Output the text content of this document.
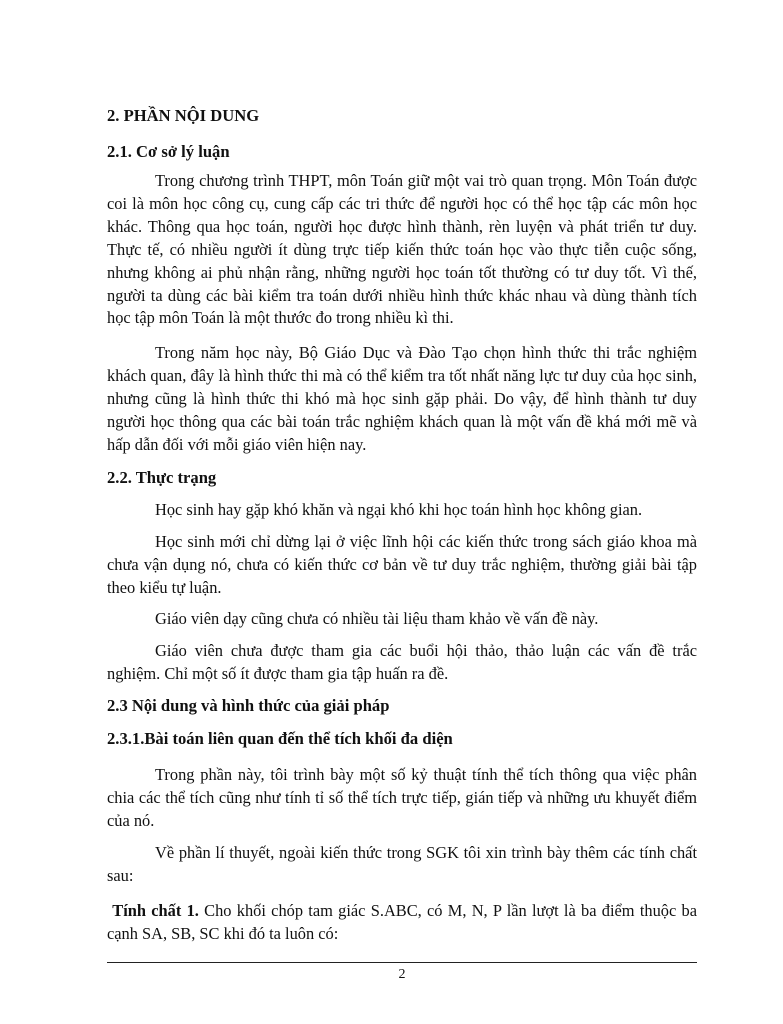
2. PHẦN NỘI DUNG
2.1. Cơ sở lý luận

Trong chương trình THPT, môn Toán giữ một vai trò quan trọng. Môn Toán được coi là môn học công cụ, cung cấp các tri thức để người học có thể học tập các môn học khác. Thông qua học toán, người học được hình thành, rèn luyện và phát triển tư duy. Thực tế, có nhiều người ít dùng trực tiếp kiến thức toán học vào thực tiễn cuộc sống, nhưng không ai phủ nhận rằng, những người học toán tốt thường có tư duy tốt. Vì thế, người ta dùng các bài kiểm tra toán dưới nhiều hình thức khác nhau và dùng thành tích học tập môn Toán là một thước đo trong nhiều kì thi.

Trong năm học này, Bộ Giáo Dục và Đào Tạo chọn hình thức thi trắc nghiệm khách quan, đây là hình thức thi mà có thể kiểm tra tốt nhất năng lực tư duy của học sinh, nhưng cũng là hình thức thi khó mà học sinh gặp phải. Do vậy, để hình thành tư duy người học thông qua các bài toán trắc nghiệm khách quan là một vấn đề khá mới mẽ và hấp dẫn đối với mỗi giáo viên hiện nay.

2.2. Thực trạng

Học sinh hay gặp khó khăn và ngại khó khi học toán hình học không gian.

Học sinh mới chỉ dừng lại ở việc lĩnh hội các kiến thức trong sách giáo khoa mà chưa vận dụng nó, chưa có kiến thức cơ bản về tư duy trắc nghiệm, thường giải bài tập theo kiểu tự luận.

Giáo viên dạy cũng chưa có nhiều tài liệu tham khảo về vấn đề này.

Giáo viên chưa được tham gia các buổi hội thảo, thảo luận các vấn đề trắc nghiệm. Chỉ một số ít được tham gia tập huấn ra đề.

2.3 Nội dung và hình thức của giải pháp
2.3.1.Bài toán liên quan đến thể tích khối đa diện

Trong phần này, tôi trình bày một số kỷ thuật tính thể tích thông qua việc phân chia các thể tích cũng như tính tỉ số thể tích trực tiếp, gián tiếp và những ưu khuyết điểm của nó.

Về phần lí thuyết, ngoài kiến thức trong SGK tôi xin trình bày thêm các tính chất sau:

Tính chất 1. Cho khối chóp tam giác S.ABC, có M, N, P lần lượt là ba điểm thuộc ba cạnh SA, SB, SC khi đó ta luôn có:

2
